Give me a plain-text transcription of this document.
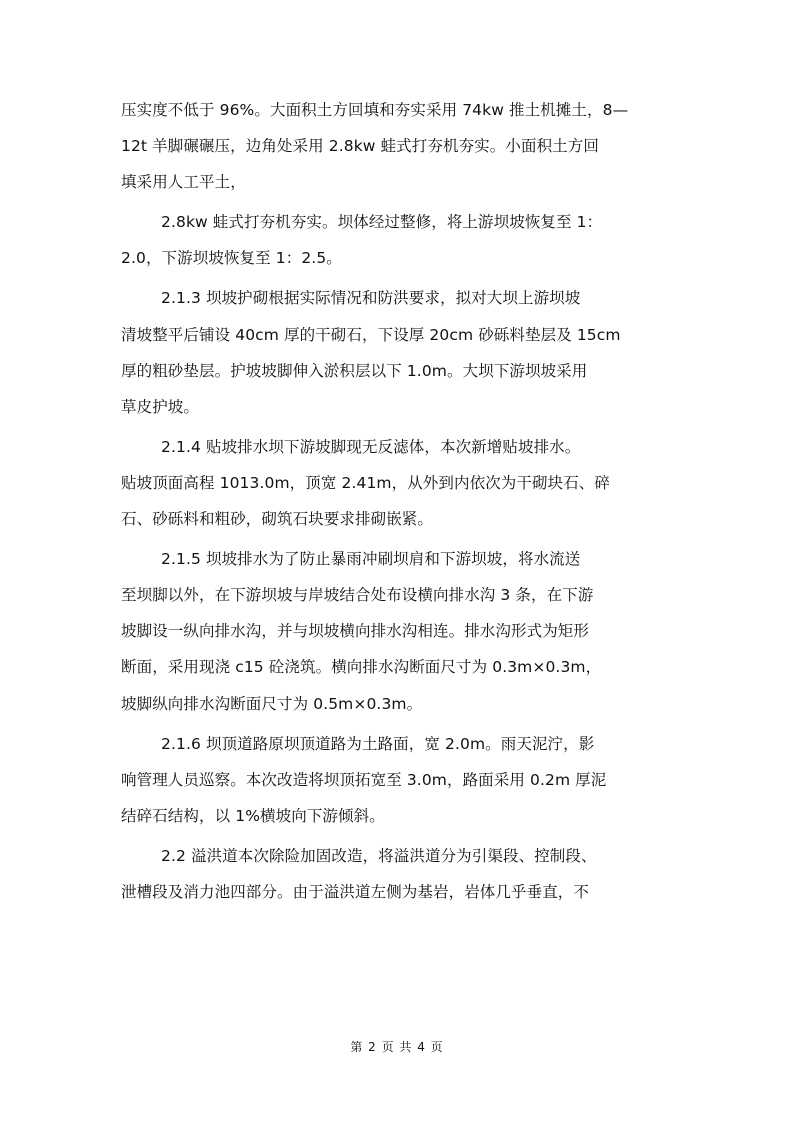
压实度不低于 96%。大面积土方回填和夯实采用 74kw 推土机摊土，8—
12t 羊脚碾碾压，边角处采用 2.8kw 蛙式打夯机夯实。小面积土方回
填采用人工平土，
2.8kw 蛙式打夯机夯实。坝体经过整修，将上游坝坡恢复至 1：
2.0，下游坝坡恢复至 1：2.5。
2.1.3 坝坡护砌根据实际情况和防洪要求，拟对大坝上游坝坡
清坡整平后铺设 40cm 厚的干砌石，下设厚 20cm 砂砾料垫层及 15cm
厚的粗砂垫层。护坡坡脚伸入淤积层以下 1.0m。大坝下游坝坡采用
草皮护坡。
2.1.4 贴坡排水坝下游坡脚现无反滤体，本次新增贴坡排水。
贴坡顶面高程 1013.0m，顶宽 2.41m，从外到内依次为干砌块石、碎
石、砂砾料和粗砂，砌筑石块要求排砌嵌紧。
2.1.5 坝坡排水为了防止暴雨冲刷坝肩和下游坝坡，将水流送
至坝脚以外，在下游坝坡与岸坡结合处布设横向排水沟 3 条，在下游
坡脚设一纵向排水沟，并与坝坡横向排水沟相连。排水沟形式为矩形
断面，采用现浇 c15 砼浇筑。横向排水沟断面尺寸为 0.3m×0.3m，
坡脚纵向排水沟断面尺寸为 0.5m×0.3m。
2.1.6 坝顶道路原坝顶道路为土路面，宽 2.0m。雨天泥泞，影
响管理人员巡察。本次改造将坝顶拓宽至 3.0m，路面采用 0.2m 厚泥
结碎石结构，以 1%横坡向下游倾斜。
2.2 溢洪道本次除险加固改造，将溢洪道分为引渠段、控制段、
泄槽段及消力池四部分。由于溢洪道左侧为基岩，岩体几乎垂直，不
第 2 页 共 4 页
